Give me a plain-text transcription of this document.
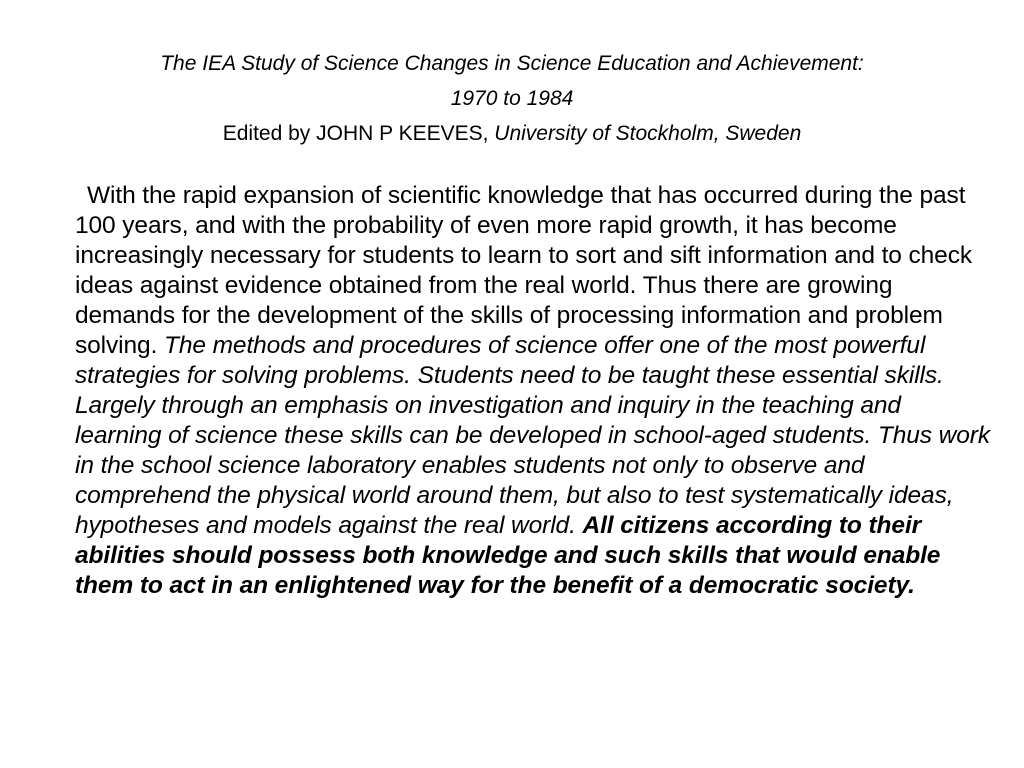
The IEA Study of Science Changes in Science Education and Achievement:
1970 to 1984
Edited by JOHN P KEEVES, University of Stockholm, Sweden
With the rapid expansion of scientific knowledge that has occurred during the past 100 years, and with the probability of even more rapid growth, it has become increasingly necessary for students to learn to sort and sift information and to check ideas against evidence obtained from the real world. Thus there are growing demands for the development of the skills of processing information and problem solving. The methods and procedures of science offer one of the most powerful strategies for solving problems. Students need to be taught these essential skills. Largely through an emphasis on investigation and inquiry in the teaching and learning of science these skills can be developed in school-aged students. Thus work in the school science laboratory enables students not only to observe and comprehend the physical world around them, but also to test systematically ideas, hypotheses and models against the real world. All citizens according to their abilities should possess both knowledge and such skills that would enable them to act in an enlightened way for the benefit of a democratic society.
